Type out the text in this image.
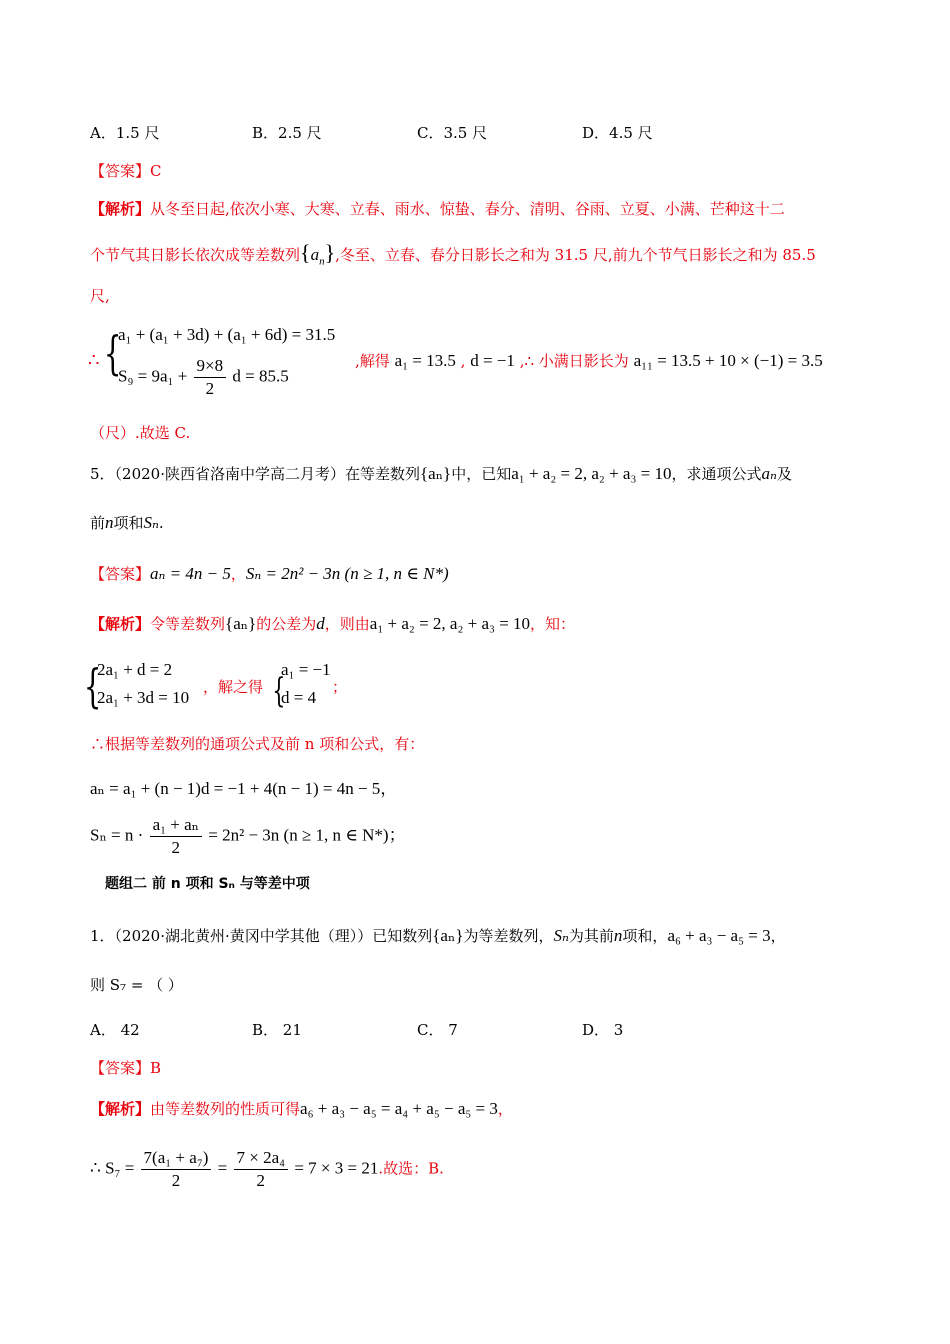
A．1.5 尺	B．2.5 尺	C．3.5 尺	D．4.5 尺
【答案】C
【解析】从冬至日起,依次小寒、大寒、立春、雨水、惊蛰、春分、清明、谷雨、立夏、小满、芒种这十二
个节气其日影长依次成等差数列$\{a_n\}$,冬至、立春、春分日影长之和为 31.5 尺,前九个节气日影长之和为 85.5
尺,
∴ {
a₁ + (a₁ + 3d) + (a₁ + 6d) = 31.5
$S_9 = 9a_1 + \frac{9\times 8}{2}$ d = 85.5
,解得 a₁ = 13.5 , d = −1 ,∴ 小满日影长为 a₁₁ = 13.5 + 10 × (−1) = 3.5
（尺）.故选 C.
5．（2020·陕西省洛南中学高二月考）在等差数列{aₙ}中，已知a₁ + a₂ = 2, a₂ + a₃ = 10，求通项公式aₙ及
前n项和Sₙ.
【答案】aₙ = 4n − 5，Sₙ = 2n² − 3n (n ≥ 1, n ∈ N*)
【解析】令等差数列{aₙ}的公差为d，则由a₁ + a₂ = 2, a₂ + a₃ = 10，知：
{
2a₁ + d = 2
2a₁ + 3d = 10
，解之得 {
a₁ = −1
d = 4
；
∴根据等差数列的通项公式及前 n 项和公式，有：
aₙ = a₁ + (n − 1)d = −1 + 4(n − 1) = 4n − 5，
$S_n = n \cdot \frac{\text{a₁ + aₙ}}{2} = 2n^2 - 3n$ (n ≥ 1, n ∈ N*)；
题组二 前 n 项和 Sₙ 与等差中项
1．（2020·湖北黄州·黄冈中学其他（理））已知数列{aₙ}为等差数列，Sₙ为其前n项和，a₆ + a₃ − a₅ = 3，
则 S₇ = （ ）
A． 42	B． 21	C． 7	D． 3
【答案】B
【解析】由等差数列的性质可得a₆ + a₃ − a₅ = a₄ + a₅ − a₅ = 3，
∴ $S_7 = \frac{\text{7(a₁ + a₇)}}{2} = \frac{\text{7 × 2a₄}}{2} = 7 \times 3 = 21$.故选：B.
